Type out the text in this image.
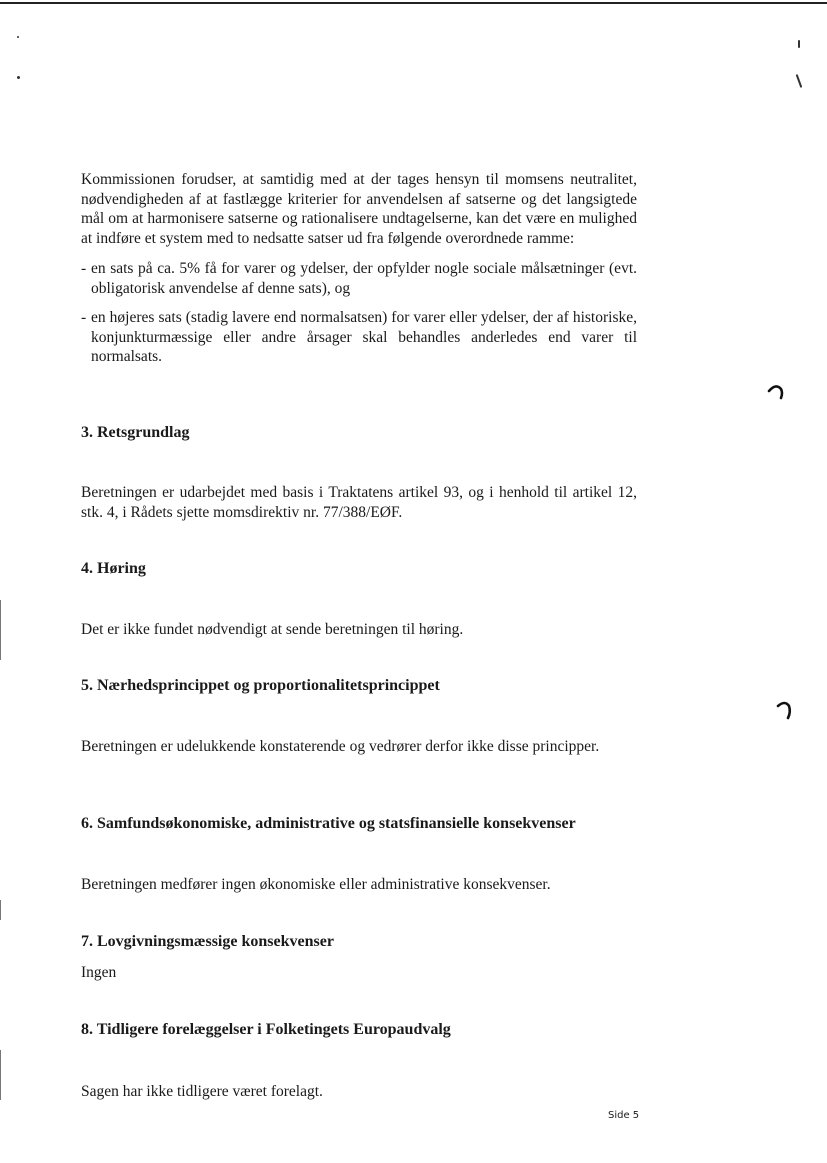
Kommissionen forudser, at samtidig med at der tages hensyn til momsens neutralitet, nødvendigheden af at fastlægge kriterier for anvendelsen af satserne og det langsigtede mål om at harmonisere satserne og rationalisere undtagelserne, kan det være en mulighed at indføre et system med to nedsatte satser ud fra følgende overordnede ramme:

- en sats på ca. 5% få for varer og ydelser, der opfylder nogle sociale målsætninger (evt. obligatorisk anvendelse af denne sats), og
- en højeres sats (stadig lavere end normalsatsen) for varer eller ydelser, der af historiske, konjunkturmæssige eller andre årsager skal behandles anderledes end varer til normalsats.
3. Retsgrundlag

Beretningen er udarbejdet med basis i Traktatens artikel 93, og i henhold til artikel 12, stk. 4, i Rådets sjette momsdirektiv nr. 77/388/EØF.

4. Høring

Det er ikke fundet nødvendigt at sende beretningen til høring.

5. Nærhedsprincippet og proportionalitetsprincippet

Beretningen er udelukkende konstaterende og vedrører derfor ikke disse principper.

6. Samfundsøkonomiske, administrative og statsfinansielle konsekvenser

Beretningen medfører ingen økonomiske eller administrative konsekvenser.

7. Lovgivningsmæssige konsekvenser

Ingen

8. Tidligere forelæggelser i Folketingets Europaudvalg

Sagen har ikke tidligere været forelagt.

Side 5
